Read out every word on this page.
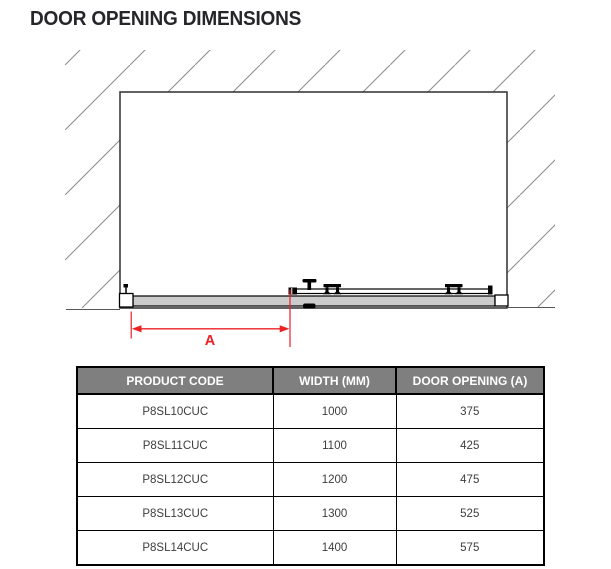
DOOR OPENING DIMENSIONS
A
PRODUCT CODE	WIDTH (MM)	DOOR OPENING (A)
P8SL10CUC	1000	375
P8SL11CUC	1100	425
P8SL12CUC	1200	475
P8SL13CUC	1300	525
P8SL14CUC	1400	575
